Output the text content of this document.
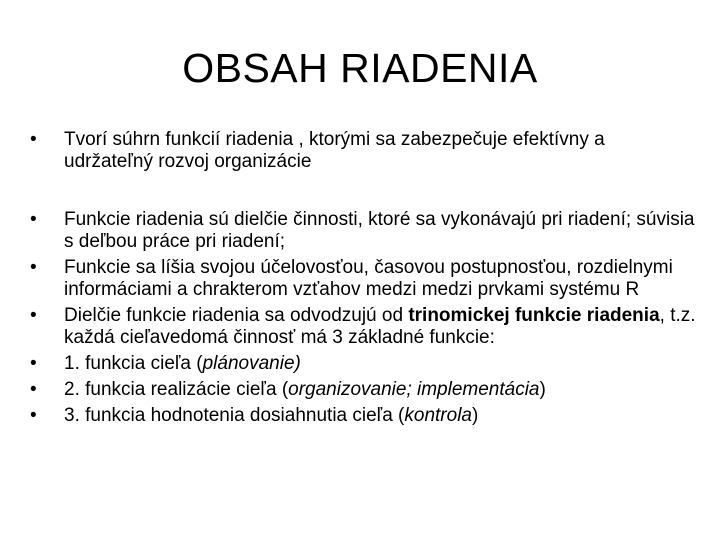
OBSAH RIADENIA
•	Tvorí súhrn funkcií riadenia , ktorými sa zabezpečuje efektívny a udržateľný rozvoj organizácie
•	Funkcie riadenia sú dielčie činnosti, ktoré sa vykonávajú pri riadení; súvisia s deľbou práce pri riadení;
•	Funkcie sa líšia svojou účelovosťou, časovou postupnosťou, rozdielnymi informáciami a chrakterom vzťahov medzi medzi prvkami systému R
•	Dielčie funkcie riadenia sa odvodzujú od trinomickej funkcie riadenia, t.z. každá cieľavedomá činnosť má 3 základné funkcie:
•	1. funkcia cieľa (plánovanie)
•	2. funkcia realizácie cieľa (organizovanie; implementácia)
•	3. funkcia hodnotenia dosiahnutia cieľa (kontrola)
